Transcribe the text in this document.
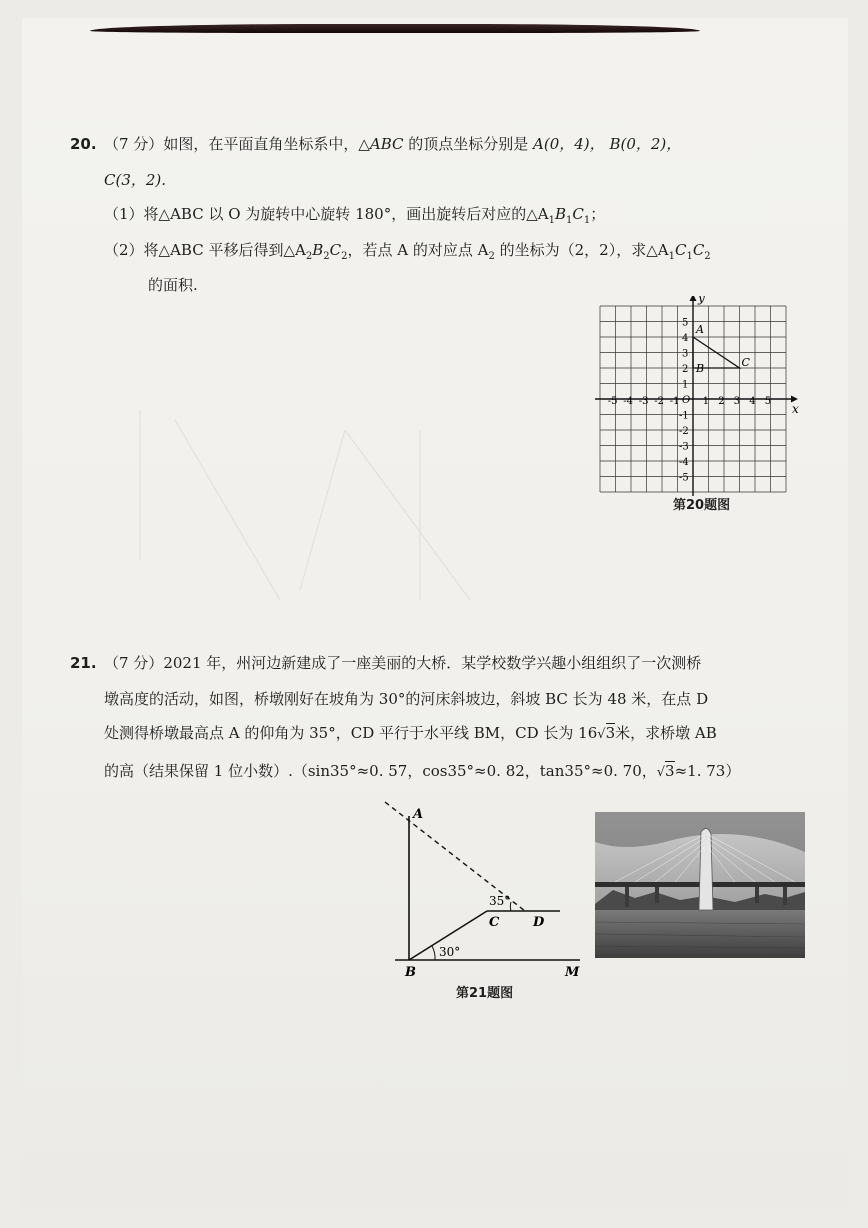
20. （7 分）如图，在平面直角坐标系中，△ABC 的顶点坐标分别是 A(0，4)， B(0，2)，
C(3，2).
（1）将△ABC 以 O 为旋转中心旋转 180°，画出旋转后对应的$\triangle A_1B_1C_1$；
（2）将△ABC 平移后得到$\triangle A_2B_2C_2$，若点 A 的对应点 $A_2$ 的坐标为（2，2），求$\triangle A_1C_1C_2$
的面积.
x
y
-5 -4 -3 -2 -1 1 2 3 4 5
5
4
3
2
1
-1
-2
-3
-4
-5
O
A
B	C
第20题图
21. （7 分）2021 年，州河边新建成了一座美丽的大桥．某学校数学兴趣小组组织了一次测桥
墩高度的活动，如图，桥墩刚好在坡角为 30°的河床斜坡边，斜坡 BC 长为 48 米，在点 D
处测得桥墩最高点 A 的仰角为 35°，CD 平行于水平线 BM，CD 长为 16√3米，求桥墩 AB
的高（结果保留 1 位小数）.（sin35°≈0. 57，cos35°≈0. 82，tan35°≈0. 70，√3≈1. 73）
A
B
C	D
M
35°
30°
第21题图
